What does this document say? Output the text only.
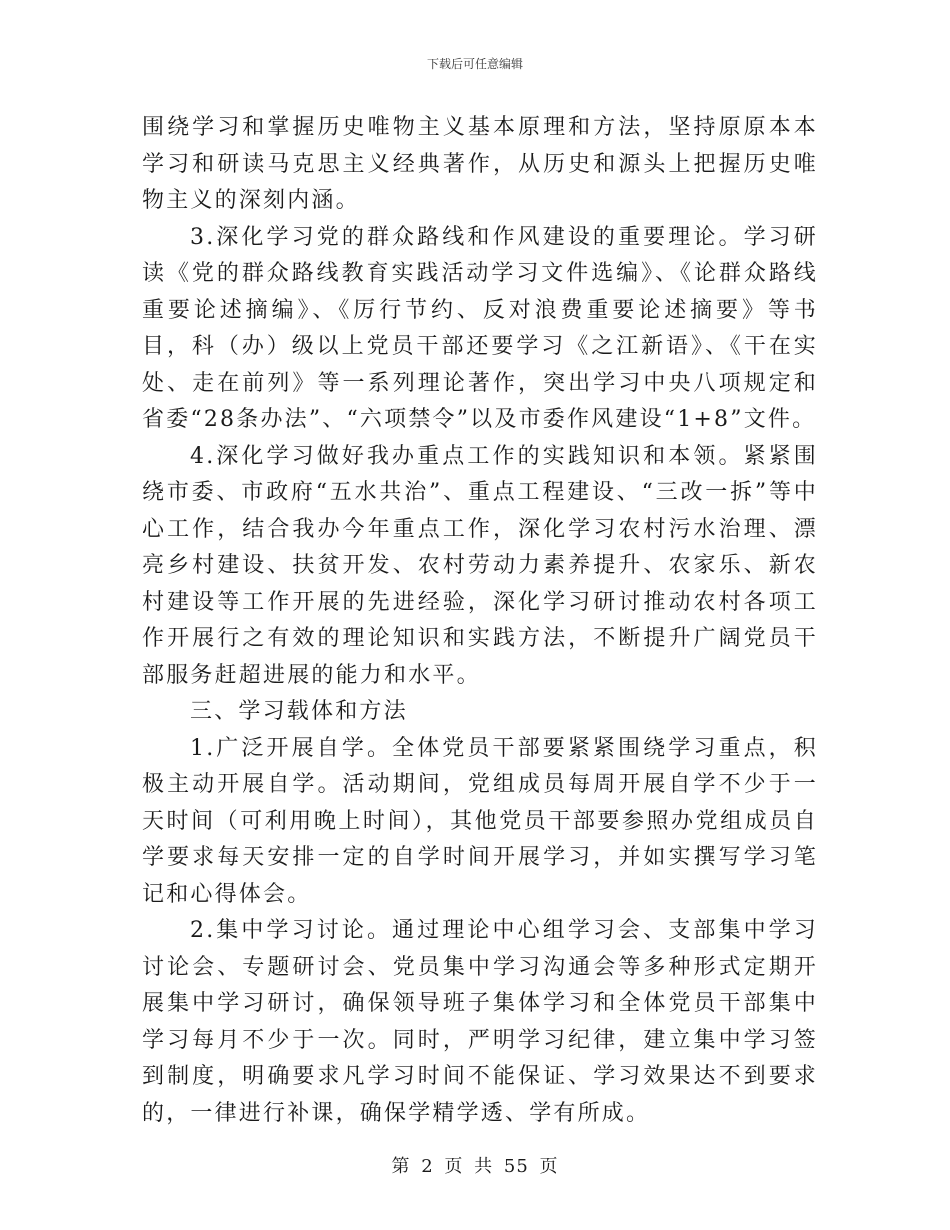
下载后可任意编辑

围绕学习和掌握历史唯物主义基本原理和方法，坚持原原本本学习和研读马克思主义经典著作，从历史和源头上把握历史唯物主义的深刻内涵。

3.深化学习党的群众路线和作风建设的重要理论。学习研读《党的群众路线教育实践活动学习文件选编》、《论群众路线重要论述摘编》、《厉行节约、反对浪费重要论述摘要》等书目，科（办）级以上党员干部还要学习《之江新语》、《干在实处、走在前列》等一系列理论著作，突出学习中央八项规定和省委“28条办法”、“六项禁令”以及市委作风建设“1+8”文件。

4.深化学习做好我办重点工作的实践知识和本领。紧紧围绕市委、市政府“五水共治”、重点工程建设、“三改一拆”等中心工作，结合我办今年重点工作，深化学习农村污水治理、漂亮乡村建设、扶贫开发、农村劳动力素养提升、农家乐、新农村建设等工作开展的先进经验，深化学习研讨推动农村各项工作开展行之有效的理论知识和实践方法，不断提升广阔党员干部服务赶超进展的能力和水平。

三、学习载体和方法

1.广泛开展自学。全体党员干部要紧紧围绕学习重点，积极主动开展自学。活动期间，党组成员每周开展自学不少于一天时间（可利用晚上时间），其他党员干部要参照办党组成员自学要求每天安排一定的自学时间开展学习，并如实撰写学习笔记和心得体会。

2.集中学习讨论。通过理论中心组学习会、支部集中学习讨论会、专题研讨会、党员集中学习沟通会等多种形式定期开展集中学习研讨，确保领导班子集体学习和全体党员干部集中学习每月不少于一次。同时，严明学习纪律，建立集中学习签到制度，明确要求凡学习时间不能保证、学习效果达不到要求的，一律进行补课，确保学精学透、学有所成。

第 2 页 共 55 页
